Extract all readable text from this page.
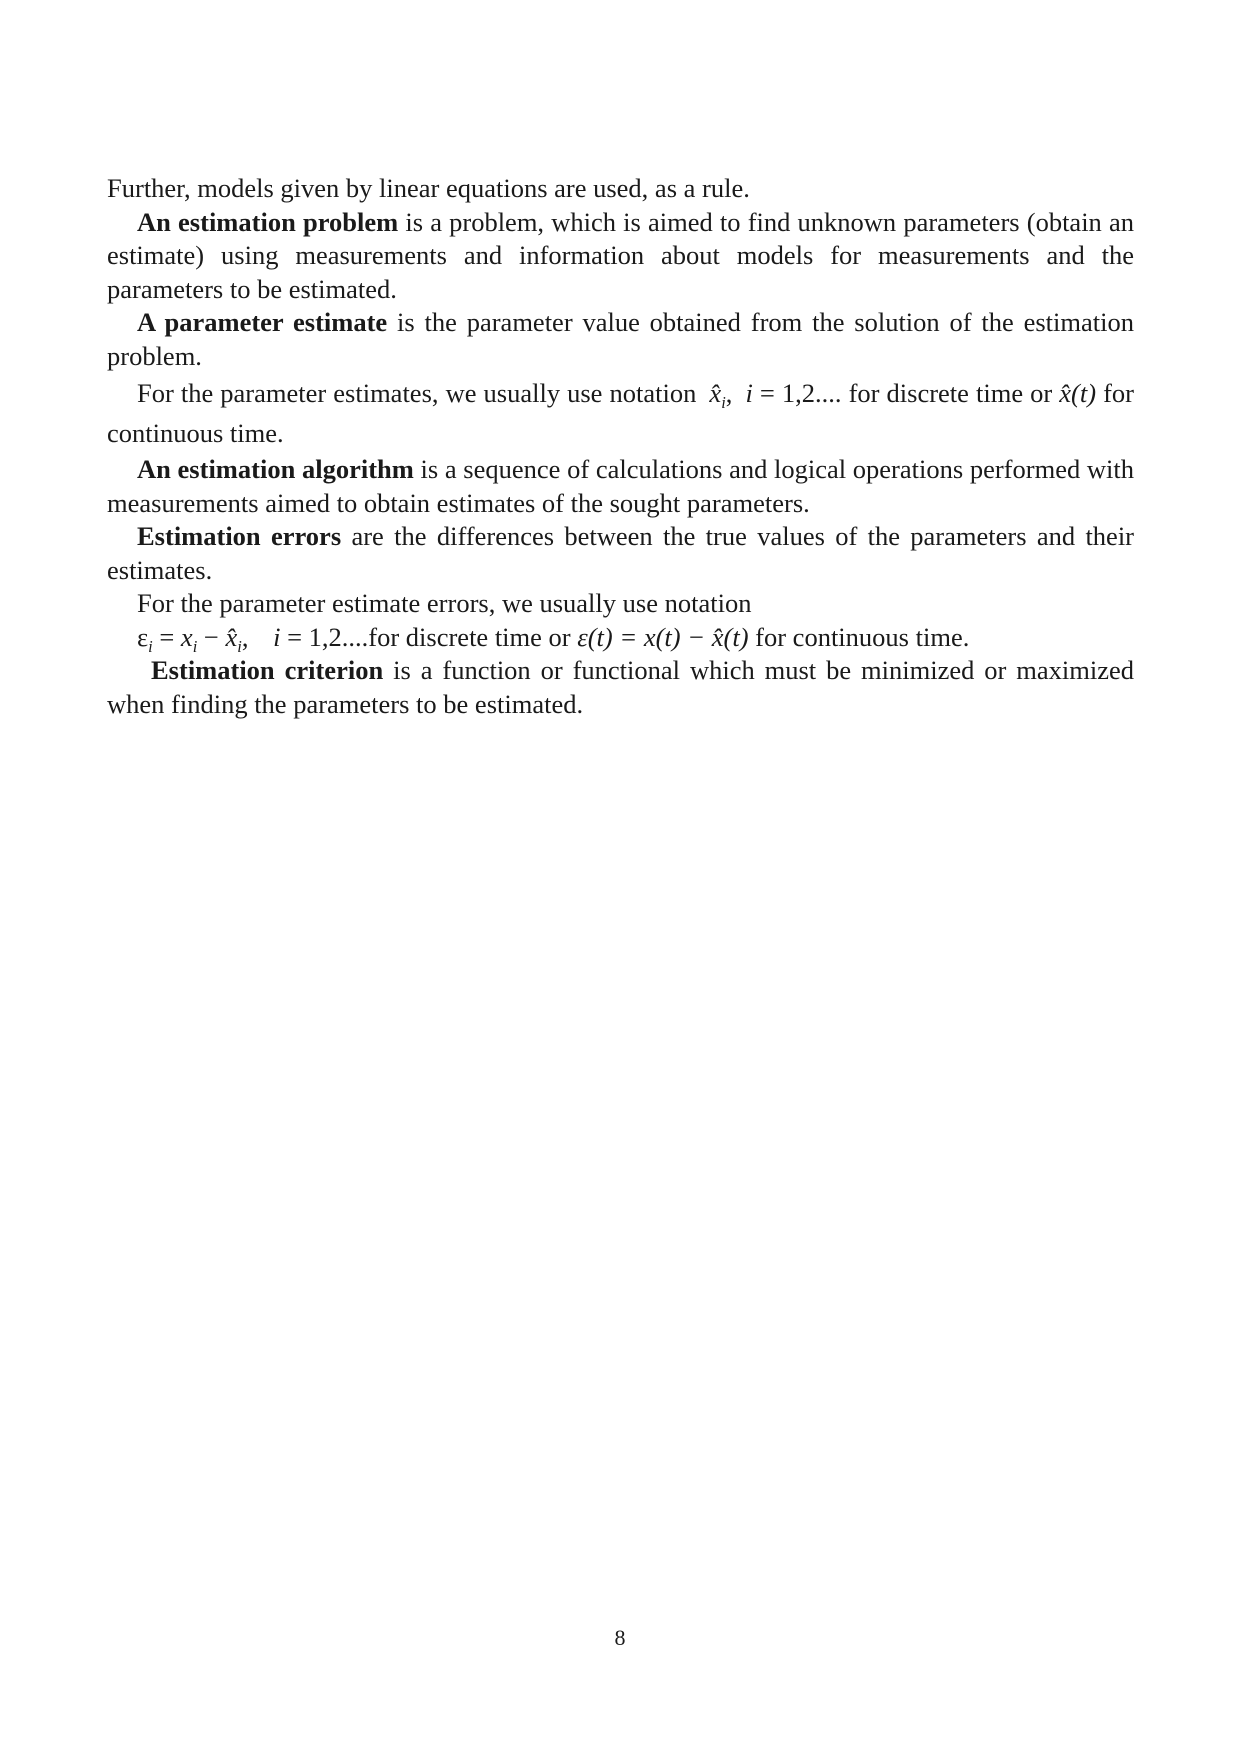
Further, models given by linear equations are used, as a rule.

An estimation problem is a problem, which is aimed to find unknown parameters (obtain an estimate) using measurements and information about models for measurements and the parameters to be estimated.

A parameter estimate is the parameter value obtained from the solution of the estimation problem.

For the parameter estimates, we usually use notation $x̂_i$, i = 1,2.... for discrete time or x̂(t) for continuous time.

An estimation algorithm is a sequence of calculations and logical operations performed with measurements aimed to obtain estimates of the sought parameters.

Estimation errors are the differences between the true values of the parameters and their estimates.

For the parameter estimate errors, we usually use notation

$\varepsilon_i = x_i$ − $x̂_i$, i = 1,2....for discrete time or ε(t) = x(t) − x̂(t) for continuous time.

Estimation criterion is a function or functional which must be minimized or maximized when finding the parameters to be estimated.

8
